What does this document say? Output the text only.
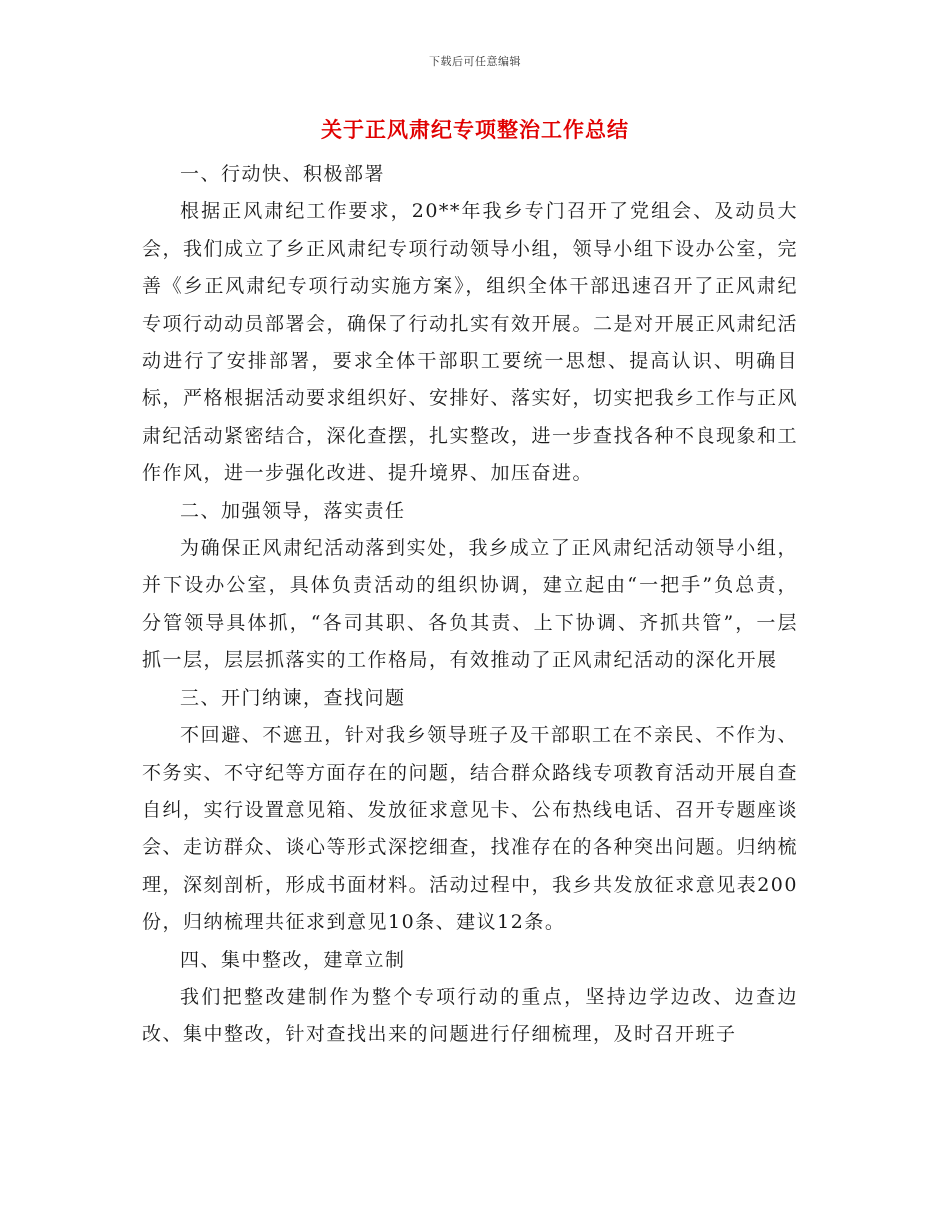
下载后可任意编辑
关于正风肃纪专项整治工作总结

一、行动快、积极部署

根据正风肃纪工作要求，20**年我乡专门召开了党组会、及动员大会，我们成立了乡正风肃纪专项行动领导小组，领导小组下设办公室，完善《乡正风肃纪专项行动实施方案》，组织全体干部迅速召开了正风肃纪专项行动动员部署会，确保了行动扎实有效开展。二是对开展正风肃纪活动进行了安排部署，要求全体干部职工要统一思想、提高认识、明确目标，严格根据活动要求组织好、安排好、落实好，切实把我乡工作与正风肃纪活动紧密结合，深化查摆，扎实整改，进一步查找各种不良现象和工作作风，进一步强化改进、提升境界、加压奋进。

二、加强领导，落实责任

为确保正风肃纪活动落到实处，我乡成立了正风肃纪活动领导小组，并下设办公室，具体负责活动的组织协调，建立起由“一把手”负总责，分管领导具体抓，“各司其职、各负其责、上下协调、齐抓共管”，一层抓一层，层层抓落实的工作格局，有效推动了正风肃纪活动的深化开展

三、开门纳谏，查找问题

不回避、不遮丑，针对我乡领导班子及干部职工在不亲民、不作为、不务实、不守纪等方面存在的问题，结合群众路线专项教育活动开展自查自纠，实行设置意见箱、发放征求意见卡、公布热线电话、召开专题座谈会、走访群众、谈心等形式深挖细查，找准存在的各种突出问题。归纳梳理，深刻剖析，形成书面材料。活动过程中，我乡共发放征求意见表200份，归纳梳理共征求到意见10条、建议12条。

四、集中整改，建章立制

我们把整改建制作为整个专项行动的重点，坚持边学边改、边查边改、集中整改，针对查找出来的问题进行仔细梳理，及时召开班子
